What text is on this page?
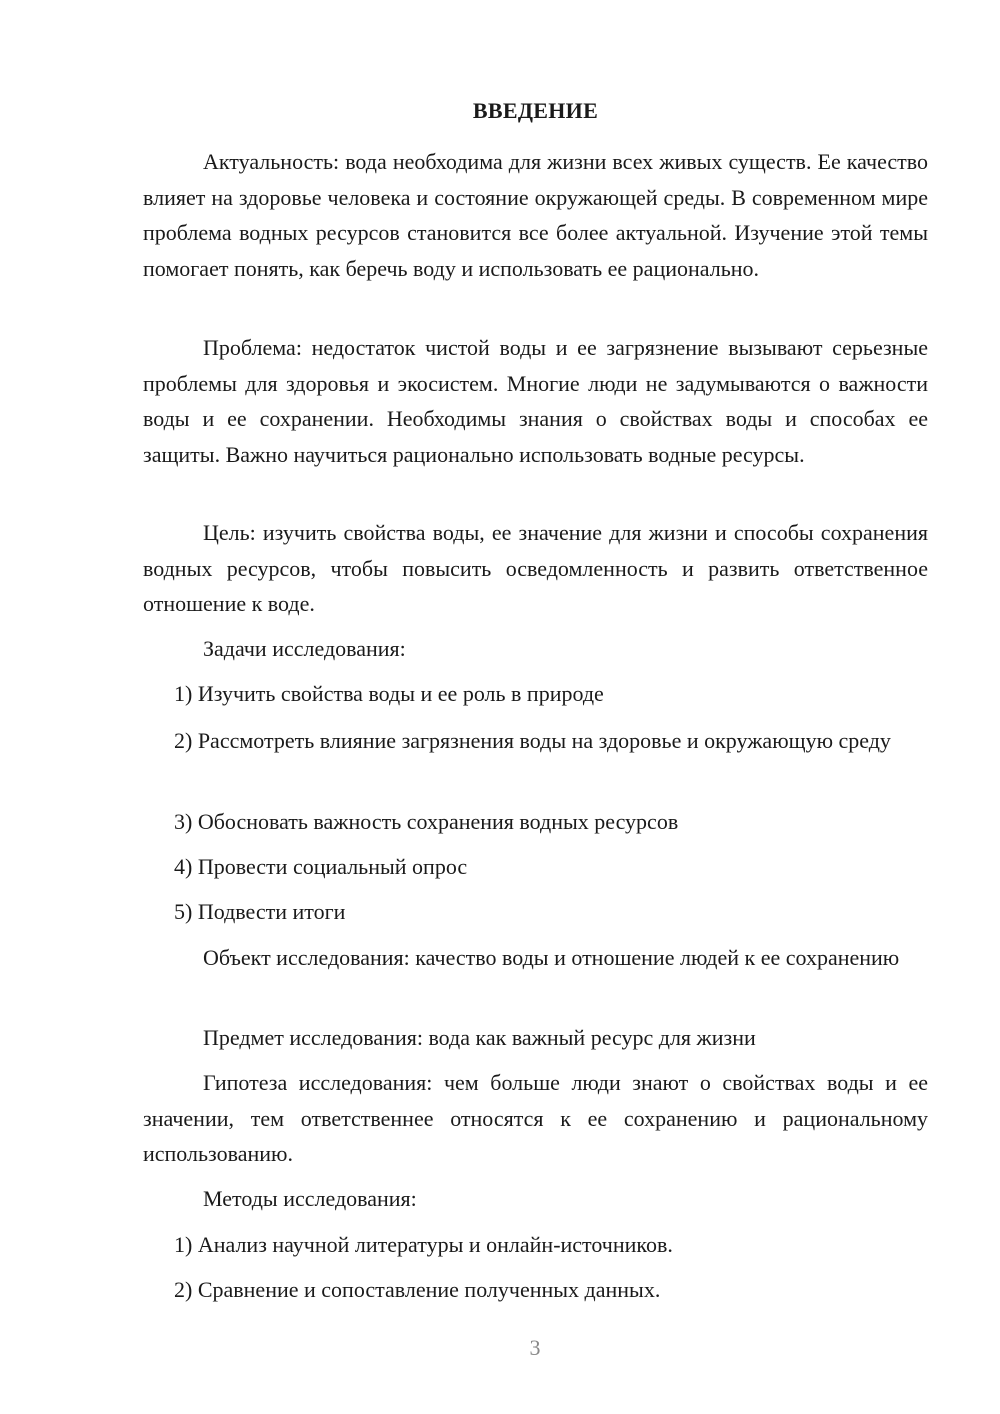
ВВЕДЕНИЕ

Актуальность: вода необходима для жизни всех живых существ. Ее качество влияет на здоровье человека и состояние окружающей среды. В современном мире проблема водных ресурсов становится все более актуальной. Изучение этой темы помогает понять, как беречь воду и использовать ее рационально.

Проблема: недостаток чистой воды и ее загрязнение вызывают серьезные проблемы для здоровья и экосистем. Многие люди не задумываются о важности воды и ее сохранении. Необходимы знания о свойствах воды и способах ее защиты. Важно научиться рационально использовать водные ресурсы.

Цель: изучить свойства воды, ее значение для жизни и способы сохранения водных ресурсов, чтобы повысить осведомленность и развить ответственное отношение к воде.

Задачи исследования:

1) Изучить свойства воды и ее роль в природе

2) Рассмотреть влияние загрязнения воды на здоровье и окружающую среду

3) Обосновать важность сохранения водных ресурсов

4) Провести социальный опрос

5) Подвести итоги

Объект исследования: качество воды и отношение людей к ее сохранению

Предмет исследования: вода как важный ресурс для жизни

Гипотеза исследования: чем больше люди знают о свойствах воды и ее значении, тем ответственнее относятся к ее сохранению и рациональному использованию.

Методы исследования:

1) Анализ научной литературы и онлайн-источников.

2) Сравнение и сопоставление полученных данных.

3
